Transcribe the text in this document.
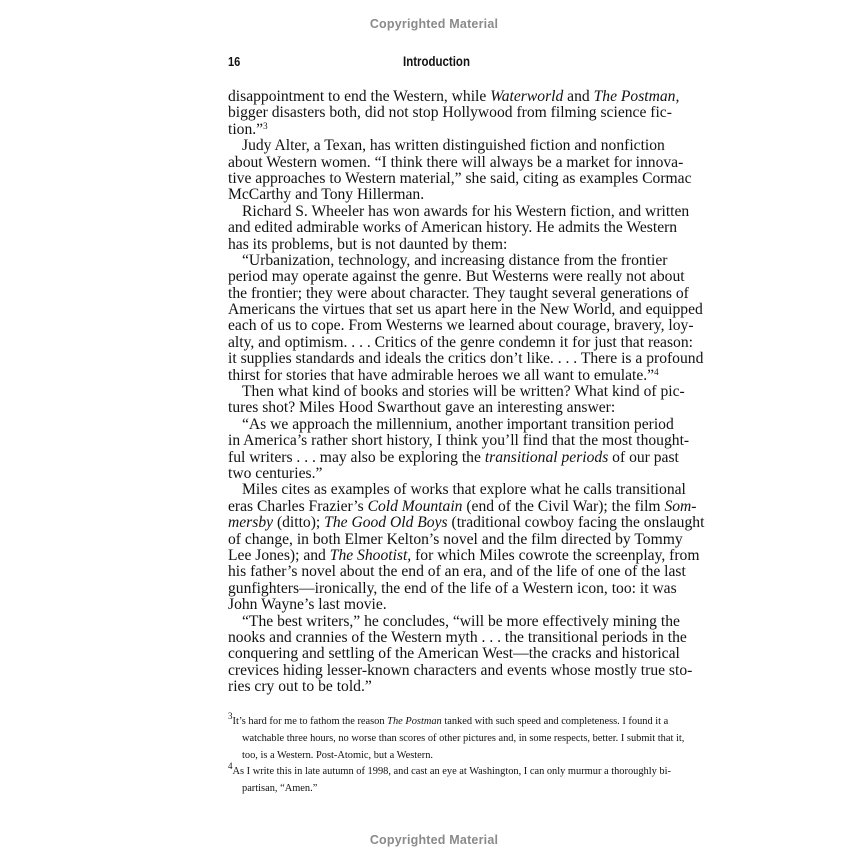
Copyrighted Material
16	Introduction
disappointment to end the Western, while Waterworld and The Postman,
bigger disasters both, did not stop Hollywood from filming science fic-
tion.”$^3$
Judy Alter, a Texan, has written distinguished fiction and nonfiction
about Western women. “I think there will always be a market for innova-
tive approaches to Western material,” she said, citing as examples Cormac
McCarthy and Tony Hillerman.
Richard S. Wheeler has won awards for his Western fiction, and written
and edited admirable works of American history. He admits the Western
has its problems, but is not daunted by them:
“Urbanization, technology, and increasing distance from the frontier
period may operate against the genre. But Westerns were really not about
the frontier; they were about character. They taught several generations of
Americans the virtues that set us apart here in the New World, and equipped
each of us to cope. From Westerns we learned about courage, bravery, loy-
alty, and optimism. . . . Critics of the genre condemn it for just that reason:
it supplies standards and ideals the critics don’t like. . . . There is a profound
thirst for stories that have admirable heroes we all want to emulate.”$^4$
Then what kind of books and stories will be written? What kind of pic-
tures shot? Miles Hood Swarthout gave an interesting answer:
“As we approach the millennium, another important transition period
in America’s rather short history, I think you’ll find that the most thought-
ful writers . . . may also be exploring the transitional periods of our past
two centuries.”
Miles cites as examples of works that explore what he calls transitional
eras Charles Frazier’s Cold Mountain (end of the Civil War); the film Som-
mersby (ditto); The Good Old Boys (traditional cowboy facing the onslaught
of change, in both Elmer Kelton’s novel and the film directed by Tommy
Lee Jones); and The Shootist, for which Miles cowrote the screenplay, from
his father’s novel about the end of an era, and of the life of one of the last
gunfighters—ironically, the end of the life of a Western icon, too: it was
John Wayne’s last movie.
“The best writers,” he concludes, “will be more effectively mining the
nooks and crannies of the Western myth . . . the transitional periods in the
conquering and settling of the American West—the cracks and historical
crevices hiding lesser-known characters and events whose mostly true sto-
ries cry out to be told.”
$^3$It’s hard for me to fathom the reason The Postman tanked with such speed and completeness. I found it a
watchable three hours, no worse than scores of other pictures and, in some respects, better. I submit that it,
too, is a Western. Post-Atomic, but a Western.
$^4$As I write this in late autumn of 1998, and cast an eye at Washington, I can only murmur a thoroughly bi-
partisan, “Amen.”
Copyrighted Material
